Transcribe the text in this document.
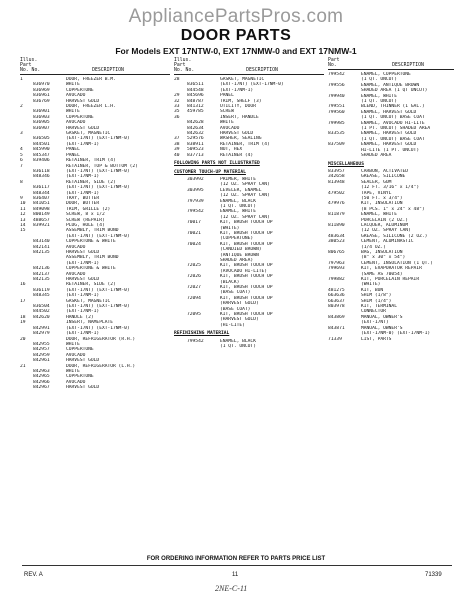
AppliancePartsPros.com
DOOR PARTS
For Models EXT 17NTW-0, EXT 17NMW-0 and EXT 17NMW-1
Illus. Part
No. No.	DESCRIPTION
1	DOOR, FREEZER B.M.
836970	WHITE
836969	COPPERTONE
836961	AVOCADO
836769	HARVEST GOLD
2	DOOR, FREEZER L.H.
836901	WHITE
836903	COPPERTONE
836905	AVOCADO
836907	HARVEST GOLD
3	GASKET, MAGNETIC
836505	(EXT-17NT) (EXT-17NM-0)
844501	(EXT-17NM-1)
4	845990	PANEL
5	845347	PANEL
6	839406	RETAINER, TRIM (4)
7	RETAINER, TOP & BOTTOM (2)
836118	(EXT-17NT) (EXT-17NM-0)
848346	(EXT-17NM-1)
8	RETAINER, SIDE (2)
836117	(EXT-17NT) (EXT-17NM-0)
848344	(EXT-17NM-1)
9	836407	TRAY, BUTTER
10	841051	DOOR, BUTTER
11	849098	TRIM, GRILLE (2)
12	800149	SCREW, 8 x 1/2
13	488657	SCREW (REPAIR)
14	839921	PLUG, HOLE (4)
15	ASSEMBLY, TRIM BOND
(EXT-17NT) (EXT-17NM-0)
843140	COPPERTONE & WHITE
842141	AVOCADO
842135	HARVEST GOLD
ASSEMBLY, TRIM BOND
(EXT-17NM-1)
842136	COPPERTONE & WHITE
842137	AVOCADO
842135	HARVEST GOLD
16	RETAINER, SIDE (2)
836119	(EXT-17NT) (EXT-17NM-0)
848345	(EXT-17NM-1)
17	GASKET, MAGNETIC
836504	(EXT-17NT) (EXT-17NM-0)
844502	(EXT-17NM-1)
18	842620	HANDLE (2)
19	INSERT, NAMEPLATE
842991	(EXT-17NT) (EXT-17NM-0)
842979	(EXT-17NM-1)
20	DOOR, REFRIGERATOR (R.H.)
842955	WHITE
842957	COPPERTONE
842959	AVOCADO
842961	HARVEST GOLD
21	DOOR, REFRIGERATOR (L.H.)
842963	WHITE
842965	COPPERTONE
842966	AVOCADO
842967	HARVEST GOLD
Illus. Part
No. No.	DESCRIPTION
28	GASKET, MAGNETIC
836511	(EXT-17NT) (EXT-17NM-0)
844548	(EXT-17NM-1)
29	845696	PANEL
32	848787	TRIM, SHELF (3)
33	841312	UTILITY, DOOR
35	459785	SCREW
36	INSERT, HANDLE
842628	WHITE
842634	AVOCADO
842632	HARVEST GOLD
37	529576	WASHER, SEALING
38	838911	RETAINER, TRIM (4)
39	509523	NUT, HEX
40	837713	RETAINER (4)
FOLLOWING PARTS NOT ILLUSTRATED
CUSTOMER TOUCH-UP MATERIAL
303992	PRIMER, WHITE
(12 OZ. SPRAY CAN)
303995	LEVELER, ENAMEL
(12 OZ. SPRAY CAN)
797939	ENAMEL, BLACK
(1 QT. UNCUT)
799542	ENAMEL, WHITE
(12 OZ. SPRAY CAN)
70017	KIT, BRUSH TOUCH UP
(WHITE)
70021	KIT, BRUSH TOUCH UP
(COPPERTONE)
70024	KIT, BRUSH TOUCH UP
(CANDIED BROWN)
(ANTIQUE BROWN
SHADED AREA)
72025	KIT, BRUSH TOUCH UP
(AVOCADO HI-LITE)
72026	KIT, BRUSH TOUCH UP
(BLACK)
72027	KIT, BRUSH TOUCH UP
(BASE COAT)
72094	KIT, BRUSH TOUCH UP
(HARVEST GOLD)
(BASE COAT)
72095	KIT, BRUSH TOUCH UP
(HARVEST GOLD)
(HI-LITE)
REFINISHING MATERIAL
799542	ENAMEL, BLACK
(1 QT. UNCUT)
Part
No.	DESCRIPTION
799542	ENAMEL, COPPERTONE
(1 QT. UNCUT)
799556	ENAMEL, ANTIQUE BROWN
SHADED AREA (1 QT UNCUT)
799940	ENAMEL, WHITE
(1 QT. UNCUT)
799551	BLEND, THINNER (1 GAL.)
799560	ENAMEL, HARVEST GOLD
(1 QT. UNCUT) BASE COAT
799985	ENAMEL, AVOCADO HI-LITE
(1 PT. UNCUT) SHADED AREA
833535	ENAMEL, HARVEST GOLD
(1 QT. UNCUT) BASE COAT
837509	ENAMEL, HARVEST GOLD
HI-LITE (1 PT. UNCUT)
SHADED AREA
MISCELLANEOUS
833957	CARBON, ACTIVATED
342658	GREASE, SILICONE
813948	SEALER, GUM
(12 FT. 3/16" x 1/4")
479502	TAPE, VINYL
(50 FT. x 3/4")
479976	KIT, INSULATION
(8 PCS. 1" x 24" x 48")
811879	ENAMEL, WHITE
PORCELAIN (2 OZ.)
811890	LACQUER, ALUMINUM
(12 OZ. SPRAY CAN)
483634	GREASE, SILICONE (2 OZ.)
380523	CEMENT, ALUMINASTIC
(1/4 OZ.)
806765	BAG, INSULATION
(8" x 30" x 54")
797963	CEMENT, INSULATION (1 QT.)
799693	KIT, EVAPORATOR REPAIR
(SAME AS 70054)
799882	KIT, PORCELAIN REPAIR
(WHITE)
481275	KIT, BUN
663636	SHIM (1/8")
663637	SHIM (1/4")
803978	KIT, TERMINAL
CONNECTOR
843869	MANUAL, OWNER'S
(EXT-17NT)
843871	MANUAL, OWNER'S
(EXT-17NM-0) (EXT-17NM-1)
71339	LIST, PARTS
FOR ORDERING INFORMATION REFER TO PARTS PRICE LIST
REV. A	11	71339
2NE-C-11
